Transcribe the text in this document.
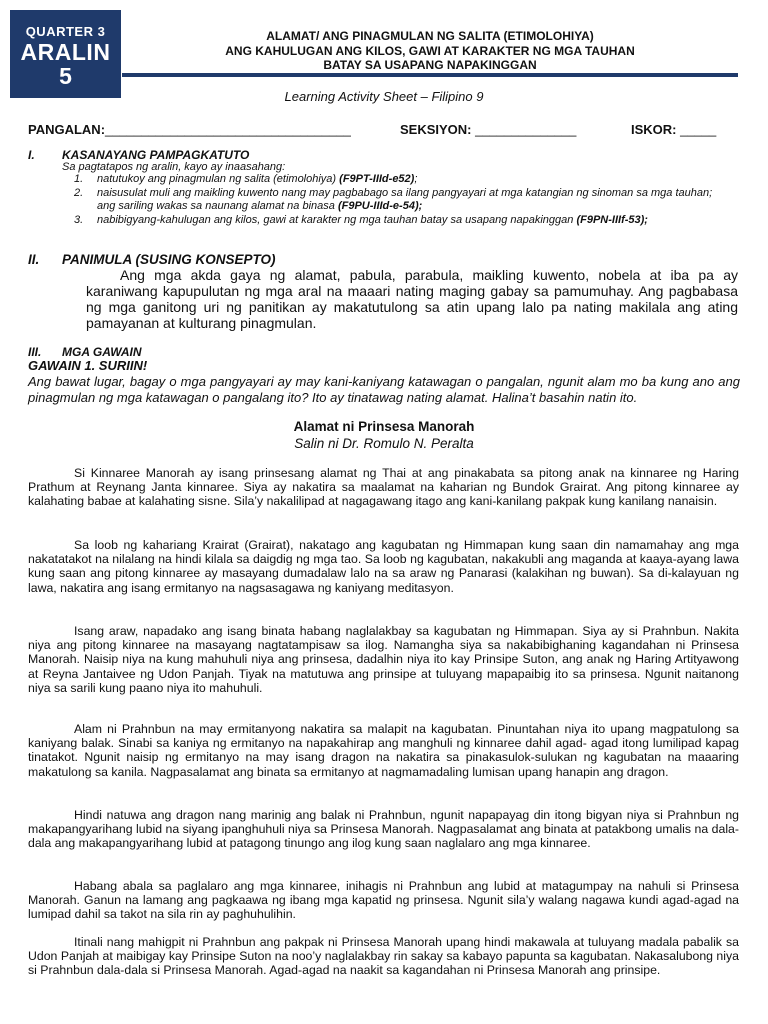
QUARTER 3
ARALIN
5
ALAMAT/ ANG PINAGMULAN NG SALITA (ETIMOLOHIYA)
ANG KAHULUGAN ANG KILOS, GAWI AT KARAKTER NG MGA TAUHAN
BATAY SA USAPANG NAPAKINGGAN
Learning Activity Sheet – Filipino 9
PANGALAN:__________________________________	SEKSIYON: ______________	ISKOR: _____
I. KASANAYANG PAMPAGKATUTO
Sa pagtatapos ng aralin, kayo ay inaasahang:
1. natutukoy ang pinagmulan ng salita (etimolohiya) (F9PT-IIId-e52);
2. naisusulat muli ang maikling kuwento nang may pagbabago sa ilang pangyayari at mga katangian ng sinoman sa mga tauhan; ang sariling wakas sa naunang alamat na binasa (F9PU-IIId-e-54);
3. nabibigyang-kahulugan ang kilos, gawi at karakter ng mga tauhan batay sa usapang napakinggan (F9PN-IIIf-53);
II. PANIMULA (SUSING KONSEPTO)
Ang mga akda gaya ng alamat, pabula, parabula, maikling kuwento, nobela at iba pa ay karaniwang kapupulutan ng mga aral na maaari nating maging gabay sa pamumuhay. Ang pagbabasa ng mga ganitong uri ng panitikan ay makatutulong sa atin upang lalo pa nating makilala ang ating pamayanan at kulturang pinagmulan.
III. MGA GAWAIN
GAWAIN 1. SURIIN!
Ang bawat lugar, bagay o mga pangyayari ay may kani-kaniyang katawagan o pangalan, ngunit alam mo ba kung ano ang pinagmulan ng mga katawagan o pangalang ito? Ito ay tinatawag nating alamat. Halina’t basahin natin ito.
Alamat ni Prinsesa Manorah
Salin ni Dr. Romulo N. Peralta
Si Kinnaree Manorah ay isang prinsesang alamat ng Thai at ang pinakabata sa pitong anak na kinnaree ng Haring Prathum at Reynang Janta kinnaree. Siya ay nakatira sa maalamat na kaharian ng Bundok Grairat. Ang pitong kinnaree ay kalahating babae at kalahating sisne. Sila’y nakalilipad at nagagawang itago ang kani-kanilang pakpak kung kanilang nanaisin.
Sa loob ng kahariang Krairat (Grairat), nakatago ang kagubatan ng Himmapan kung saan din namamahay ang mga nakatatakot na nilalang na hindi kilala sa daigdig ng mga tao. Sa loob ng kagubatan, nakakubli ang maganda at kaaya-ayang lawa kung saan ang pitong kinnaree ay masayang dumadalaw lalo na sa araw ng Panarasi (kalakihan ng buwan). Sa di-kalayuan ng lawa, nakatira ang isang ermitanyo na nagsasagawa ng kaniyang meditasyon.
Isang araw, napadako ang isang binata habang naglalakbay sa kagubatan ng Himmapan. Siya ay si Prahnbun. Nakita niya ang pitong kinnaree na masayang nagtatampisaw sa ilog. Namangha siya sa nakabibighaning kagandahan ni Prinsesa Manorah. Naisip niya na kung mahuhuli niya ang prinsesa, dadalhin niya ito kay Prinsipe Suton, ang anak ng Haring Artityawong at Reyna Jantaivee ng Udon Panjah. Tiyak na matutuwa ang prinsipe at tuluyang mapapaibig ito sa prinsesa. Ngunit naitanong niya sa sarili kung paano niya ito mahuhuli.
Alam ni Prahnbun na may ermitanyong nakatira sa malapit na kagubatan. Pinuntahan niya ito upang magpatulong sa kaniyang balak. Sinabi sa kaniya ng ermitanyo na napakahirap ang manghuli ng kinnaree dahil agad- agad itong lumilipad kapag tinatakot. Ngunit naisip ng ermitanyo na may isang dragon na nakatira sa pinakasulok-sulukan ng kagubatan na maaaring makatulong sa kanila. Nagpasalamat ang binata sa ermitanyo at nagmamadaling lumisan upang hanapin ang dragon.
Hindi natuwa ang dragon nang marinig ang balak ni Prahnbun, ngunit napapayag din itong bigyan niya si Prahnbun ng makapangyarihang lubid na siyang ipanghuhuli niya sa Prinsesa Manorah. Nagpasalamat ang binata at patakbong umalis na dala-dala ang makapangyarihang lubid at patagong tinungo ang ilog kung saan naglalaro ang mga kinnaree.
Habang abala sa paglalaro ang mga kinnaree, inihagis ni Prahnbun ang lubid at matagumpay na nahuli si Prinsesa Manorah. Ganun na lamang ang pagkaawa ng ibang mga kapatid ng prinsesa. Ngunit sila’y walang nagawa kundi agad-agad na lumipad dahil sa takot na sila rin ay paghuhulihin.
Itinali nang mahigpit ni Prahnbun ang pakpak ni Prinsesa Manorah upang hindi makawala at tuluyang madala pabalik sa Udon Panjah at maibigay kay Prinsipe Suton na noo’y naglalakbay rin sakay sa kabayo papunta sa kagubatan. Nakasalubong niya si Prahnbun dala-dala si Prinsesa Manorah. Agad-agad na naakit sa kagandahan ni Prinsesa Manorah ang prinsipe.
